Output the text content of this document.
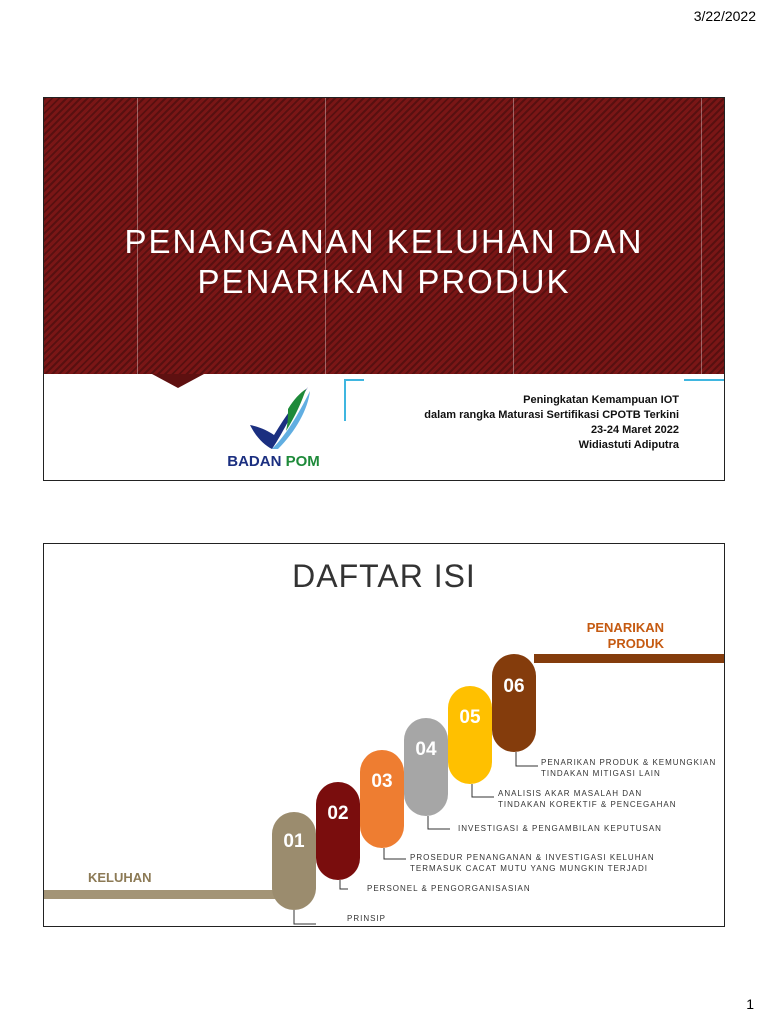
3/22/2022
PENANGANAN KELUHAN DAN
PENARIKAN PRODUK
BADAN POM
Peningkatan Kemampuan IOT
dalam rangka Maturasi Sertifikasi CPOTB Terkini
23-24 Maret 2022
Widiastuti Adiputra
DAFTAR ISI
01
02
03
04
05
06
PRINSIP
PERSONEL & PENGORGANISASIAN
PROSEDUR PENANGANAN & INVESTIGASI KELUHAN
TERMASUK CACAT MUTU YANG MUNGKIN TERJADI
INVESTIGASI & PENGAMBILAN KEPUTUSAN
ANALISIS AKAR MASALAH DAN
TINDAKAN KOREKTIF & PENCEGAHAN
PENARIKAN PRODUK & KEMUNGKIAN
TINDAKAN MITIGASI LAIN
KELUHAN
PENARIKAN
PRODUK
1
